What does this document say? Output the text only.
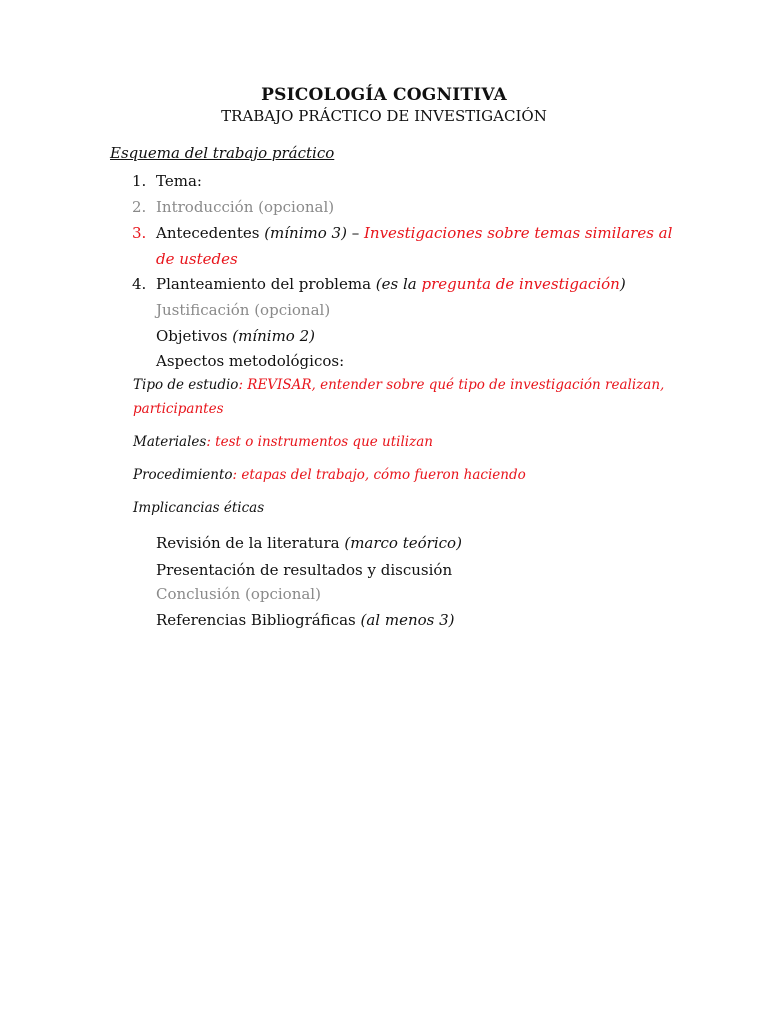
PSICOLOGÍA COGNITIVA
TRABAJO PRÁCTICO DE INVESTIGACIÓN
Esquema del trabajo práctico
1. Tema:
2. Introducción (opcional)
3. Antecedentes (mínimo 3) – Investigaciones sobre temas similares al
de ustedes
4. Planteamiento del problema (es la pregunta de investigación)
Justificación (opcional)
Objetivos (mínimo 2)
Aspectos metodológicos:
Tipo de estudio: REVISAR, entender sobre qué tipo de investigación realizan,
participantes
Materiales: test o instrumentos que utilizan
Procedimiento: etapas del trabajo, cómo fueron haciendo
Implicancias éticas
Revisión de la literatura (marco teórico)
Presentación de resultados y discusión
Conclusión (opcional)
Referencias Bibliográficas (al menos 3)
